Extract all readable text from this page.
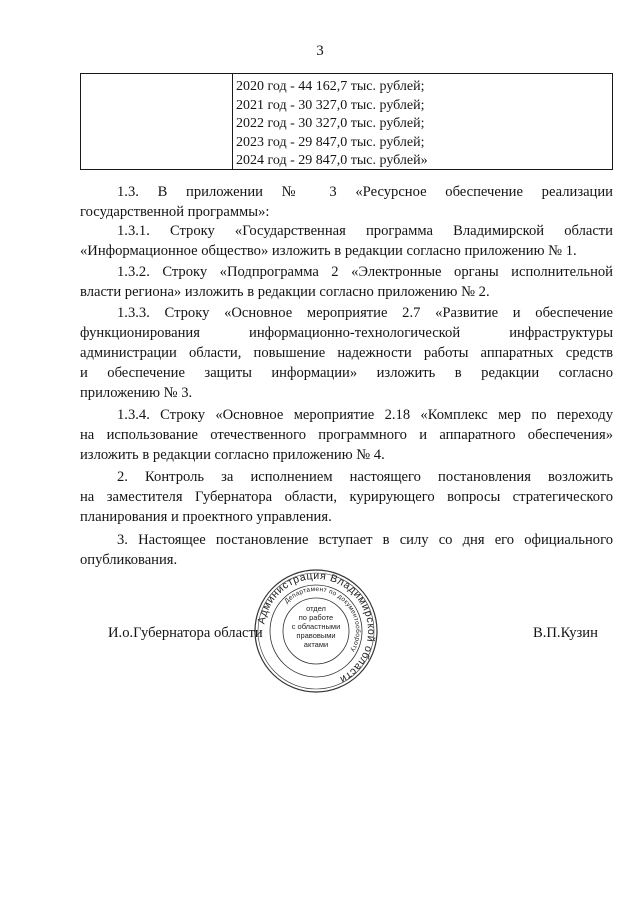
3
2020 год - 44 162,7 тыс. рублей;
2021 год - 30 327,0 тыс. рублей;
2022 год - 30 327,0 тыс. рублей;
2023 год - 29 847,0 тыс. рублей;
2024 год - 29 847,0 тыс. рублей»
1.3. В приложении № 3 «Ресурсное обеспечение реализации
государственной программы»:
1.3.1. Строку «Государственная программа Владимирской области
«Информационное общество» изложить в редакции согласно приложению № 1.
1.3.2. Строку «Подпрограмма 2 «Электронные органы исполнительной
власти региона» изложить в редакции согласно приложению № 2.
1.3.3. Строку «Основное мероприятие 2.7 «Развитие и обеспечение
функционирования информационно-технологической инфраструктуры
администрации области, повышение надежности работы аппаратных средств
и обеспечение защиты информации» изложить в редакции согласно
приложению № 3.
1.3.4. Строку «Основное мероприятие 2.18 «Комплекс мер по переходу
на использование отечественного программного и аппаратного обеспечения»
изложить в редакции согласно приложению № 4.
2. Контроль за исполнением настоящего постановления возложить
на заместителя Губернатора области, курирующего вопросы стратегического
планирования и проектного управления.
3. Настоящее постановление вступает в силу со дня его официального
опубликования.
И.о.Губернатора области	В.П.Кузин
Администрация Владимирской области
Департамент по документообороту
отдел
по работе
с областными
правовыми
актами
